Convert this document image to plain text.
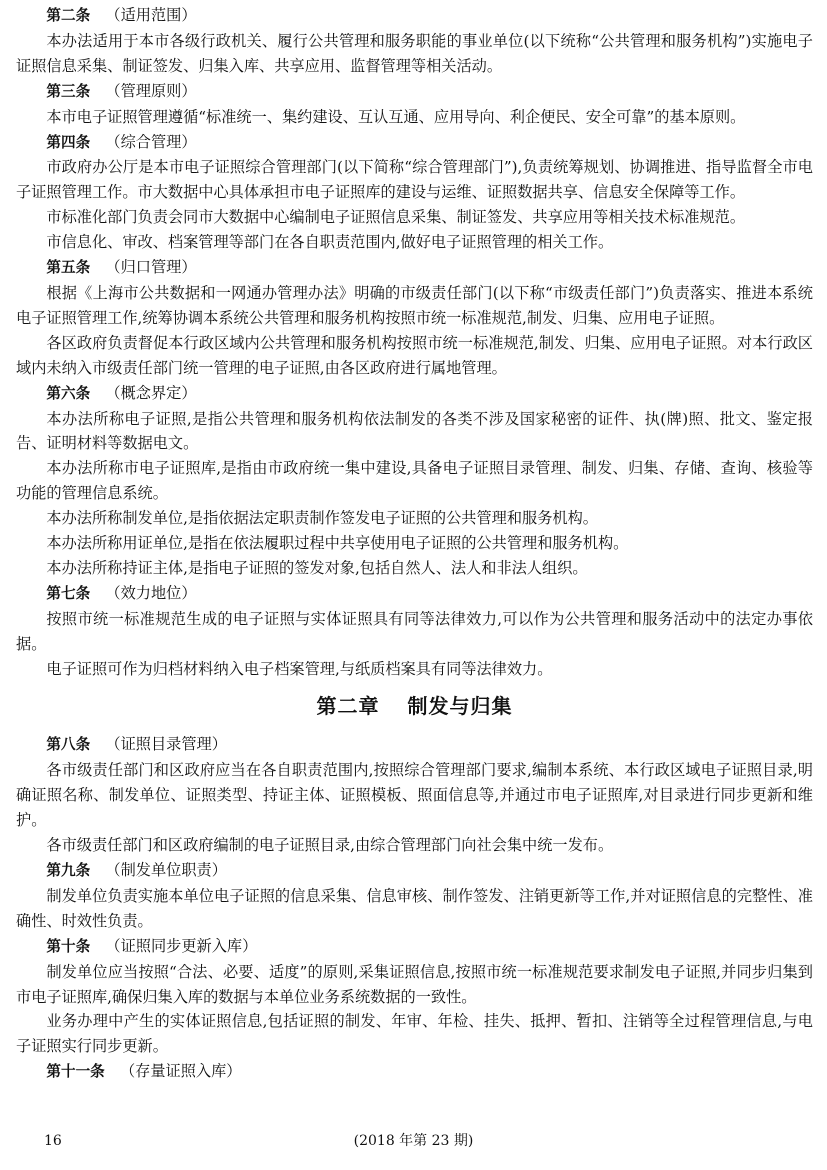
第二条  （适用范围）

本办法适用于本市各级行政机关、履行公共管理和服务职能的事业单位(以下统称“公共管理和服务机构”)实施电子证照信息采集、制证签发、归集入库、共享应用、监督管理等相关活动。

第三条  （管理原则）

本市电子证照管理遵循“标准统一、集约建设、互认互通、应用导向、利企便民、安全可靠”的基本原则。

第四条  （综合管理）

市政府办公厅是本市电子证照综合管理部门(以下简称“综合管理部门”),负责统筹规划、协调推进、指导监督全市电子证照管理工作。市大数据中心具体承担市电子证照库的建设与运维、证照数据共享、信息安全保障等工作。

市标准化部门负责会同市大数据中心编制电子证照信息采集、制证签发、共享应用等相关技术标准规范。

市信息化、审改、档案管理等部门在各自职责范围内,做好电子证照管理的相关工作。

第五条  （归口管理）

根据《上海市公共数据和一网通办管理办法》明确的市级责任部门(以下称“市级责任部门”)负责落实、推进本系统电子证照管理工作,统筹协调本系统公共管理和服务机构按照市统一标准规范,制发、归集、应用电子证照。

各区政府负责督促本行政区域内公共管理和服务机构按照市统一标准规范,制发、归集、应用电子证照。对本行政区域内未纳入市级责任部门统一管理的电子证照,由各区政府进行属地管理。

第六条  （概念界定）

本办法所称电子证照,是指公共管理和服务机构依法制发的各类不涉及国家秘密的证件、执(牌)照、批文、鉴定报告、证明材料等数据电文。

本办法所称市电子证照库,是指由市政府统一集中建设,具备电子证照目录管理、制发、归集、存储、查询、核验等功能的管理信息系统。

本办法所称制发单位,是指依据法定职责制作签发电子证照的公共管理和服务机构。

本办法所称用证单位,是指在依法履职过程中共享使用电子证照的公共管理和服务机构。

本办法所称持证主体,是指电子证照的签发对象,包括自然人、法人和非法人组织。

第七条  （效力地位）

按照市统一标准规范生成的电子证照与实体证照具有同等法律效力,可以作为公共管理和服务活动中的法定办事依据。

电子证照可作为归档材料纳入电子档案管理,与纸质档案具有同等法律效力。

第二章 制发与归集

第八条  （证照目录管理）

各市级责任部门和区政府应当在各自职责范围内,按照综合管理部门要求,编制本系统、本行政区域电子证照目录,明确证照名称、制发单位、证照类型、持证主体、证照模板、照面信息等,并通过市电子证照库,对目录进行同步更新和维护。

各市级责任部门和区政府编制的电子证照目录,由综合管理部门向社会集中统一发布。

第九条  （制发单位职责）

制发单位负责实施本单位电子证照的信息采集、信息审核、制作签发、注销更新等工作,并对证照信息的完整性、准确性、时效性负责。

第十条  （证照同步更新入库）

制发单位应当按照“合法、必要、适度”的原则,采集证照信息,按照市统一标准规范要求制发电子证照,并同步归集到市电子证照库,确保归集入库的数据与本单位业务系统数据的一致性。

业务办理中产生的实体证照信息,包括证照的制发、年审、年检、挂失、抵押、暂扣、注销等全过程管理信息,与电子证照实行同步更新。

第十一条  （存量证照入库）

16	(2018 年第 23 期)
